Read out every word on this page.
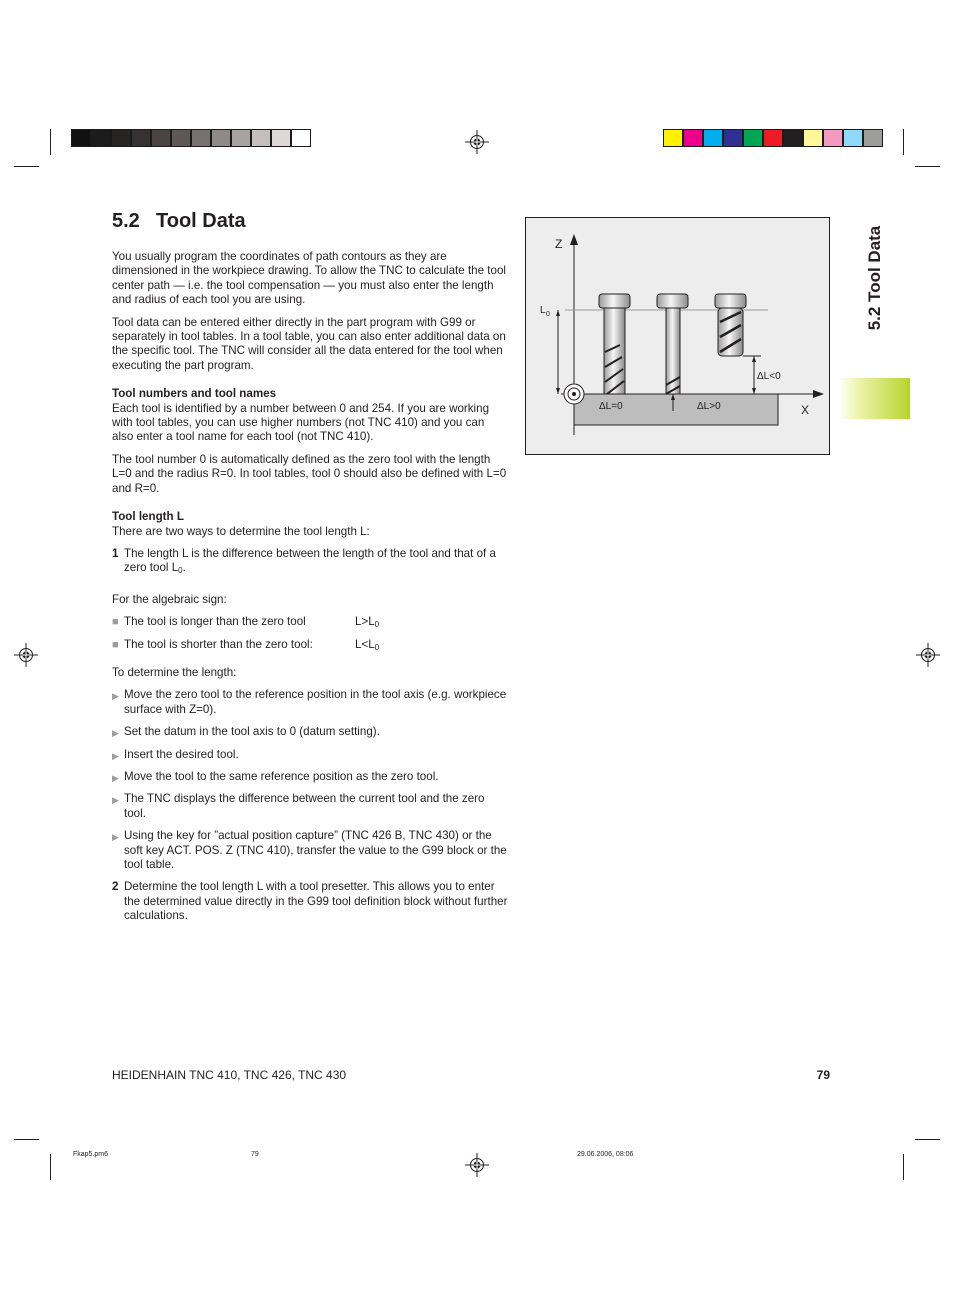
5.2 Tool Data
5.2 Tool Data

You usually program the coordinates of path contours as they are dimensioned in the workpiece drawing. To allow the TNC to calculate the tool center path — i.e. the tool compensation — you must also enter the length and radius of each tool you are using.

Tool data can be entered either directly in the part program with G99 or separately in tool tables. In a tool table, you can also enter additional data on the specific tool. The TNC will consider all the data entered for the tool when executing the part program.

Tool numbers and tool names

Each tool is identified by a number between 0 and 254. If you are working with tool tables, you can use higher numbers (not TNC 410) and you can also enter a tool name for each tool (not TNC 410).

The tool number 0 is automatically defined as the zero tool with the length L=0 and the radius R=0. In tool tables, tool 0 should also be defined with L=0 and R=0.

Tool length L

There are two ways to determine the tool length L:

1 The length L is the difference between the length of the tool and that of a zero tool $L_0$.

For the algebraic sign:

■ The tool is longer than the zero tool	$L>L_0$
■ The tool is shorter than the zero tool:	$L<L_0$

To determine the length:

▶ Move the zero tool to the reference position in the tool axis (e.g. workpiece surface with Z=0).
▶ Set the datum in the tool axis to 0 (datum setting).
▶ Insert the desired tool.
▶ Move the tool to the same reference position as the zero tool.
▶ The TNC displays the difference between the current tool and the zero tool.
▶ Using the key for ”actual position capture” (TNC 426 B, TNC 430) or the soft key ACT. POS. Z (TNC 410), transfer the value to the G99 block or the tool table.
2 Determine the tool length L with a tool presetter. This allows you to enter the determined value directly in the G99 tool definition block without further calculations.
Z
X
L 0
ΔL=0	ΔL>0
ΔL<0
HEIDENHAIN TNC 410, TNC 426, TNC 430	79
Fkap5.pm6	79	29.06.2006, 08:06
